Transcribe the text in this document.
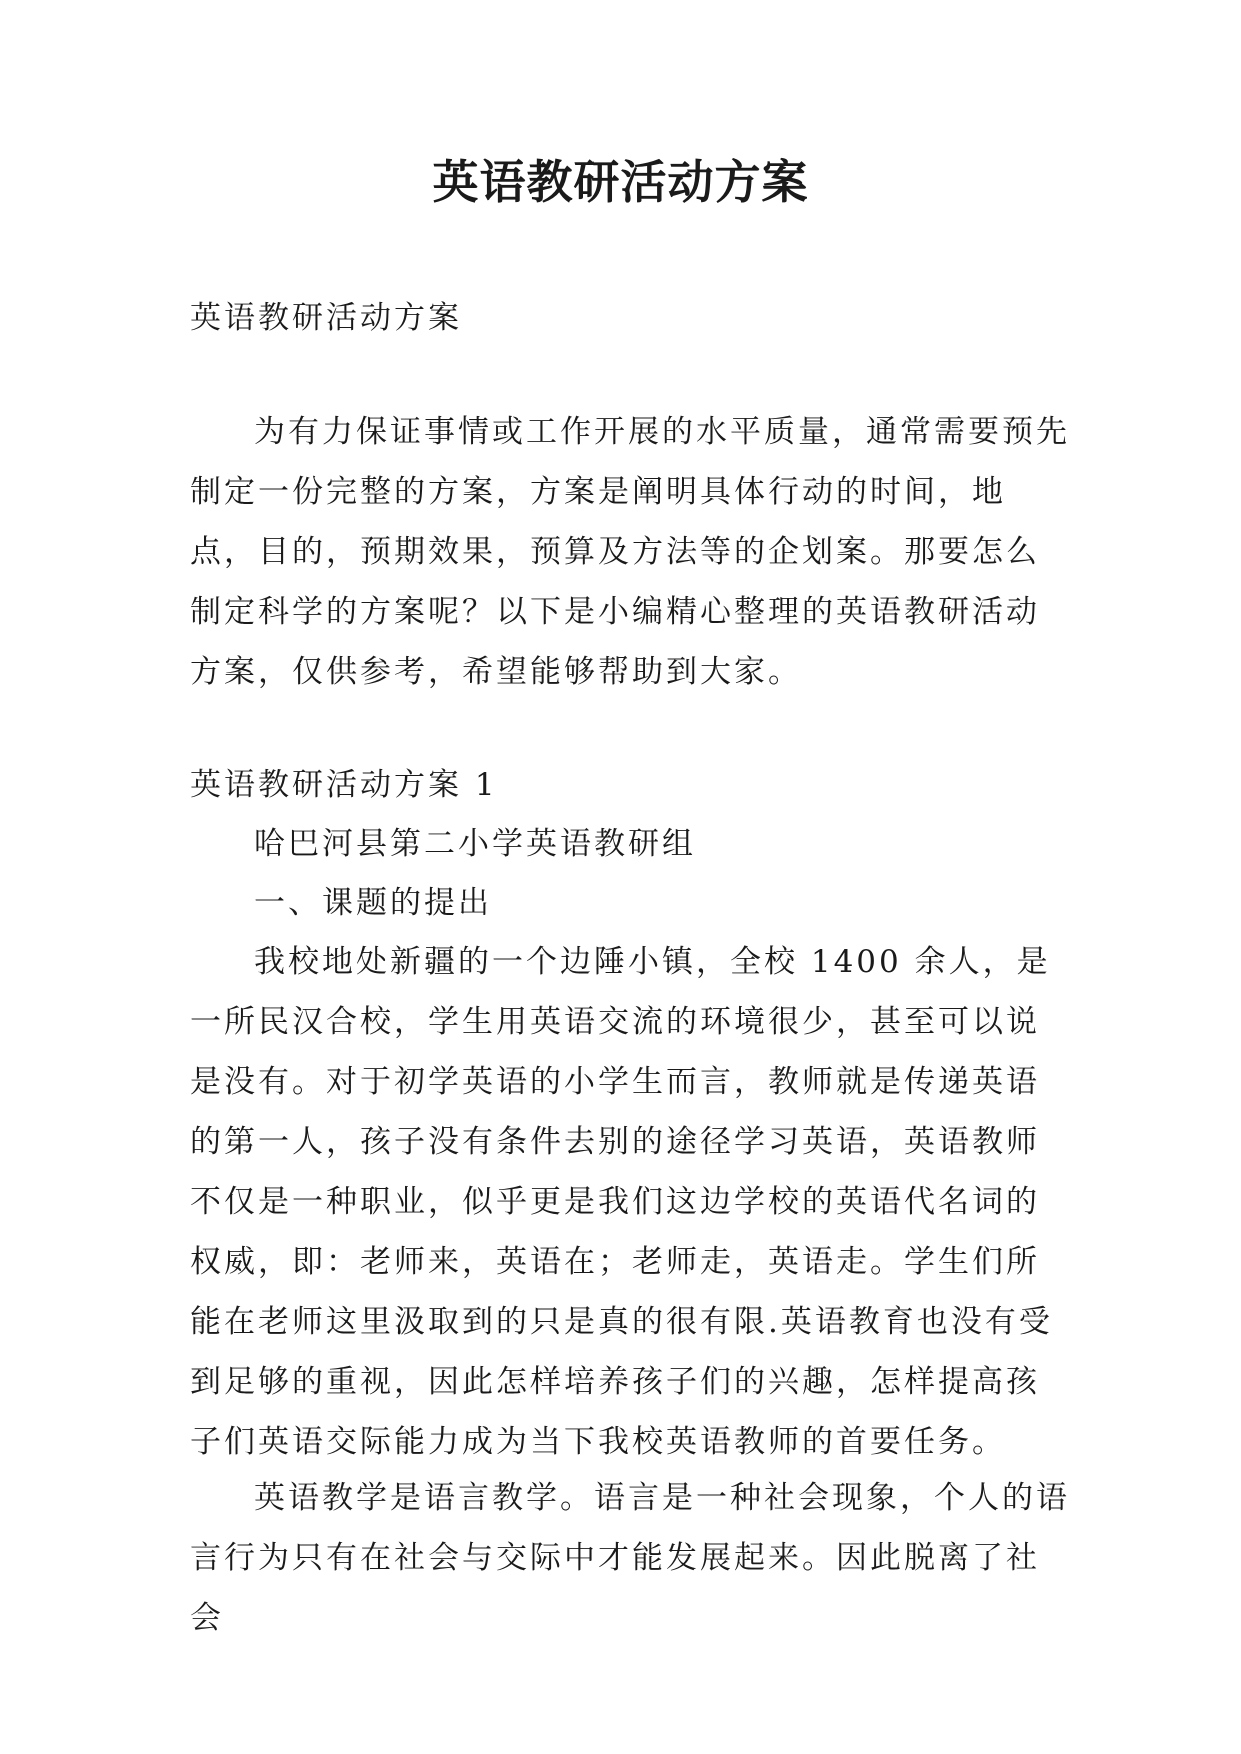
英语教研活动方案

英语教研活动方案

为有力保证事情或工作开展的水平质量，通常需要预先制定一份完整的方案，方案是阐明具体行动的时间，地点，目的，预期效果，预算及方法等的企划案。那要怎么制定科学的方案呢？以下是小编精心整理的英语教研活动方案，仅供参考，希望能够帮助到大家。

英语教研活动方案 1

哈巴河县第二小学英语教研组

一、课题的提出

我校地处新疆的一个边陲小镇，全校 1400 余人，是一所民汉合校，学生用英语交流的环境很少，甚至可以说是没有。对于初学英语的小学生而言，教师就是传递英语的第一人，孩子没有条件去别的途径学习英语，英语教师不仅是一种职业，似乎更是我们这边学校的英语代名词的权威，即：老师来，英语在；老师走，英语走。学生们所能在老师这里汲取到的只是真的很有限.英语教育也没有受到足够的重视，因此怎样培养孩子们的兴趣，怎样提高孩子们英语交际能力成为当下我校英语教师的首要任务。

英语教学是语言教学。语言是一种社会现象，个人的语言行为只有在社会与交际中才能发展起来。因此脱离了社会
